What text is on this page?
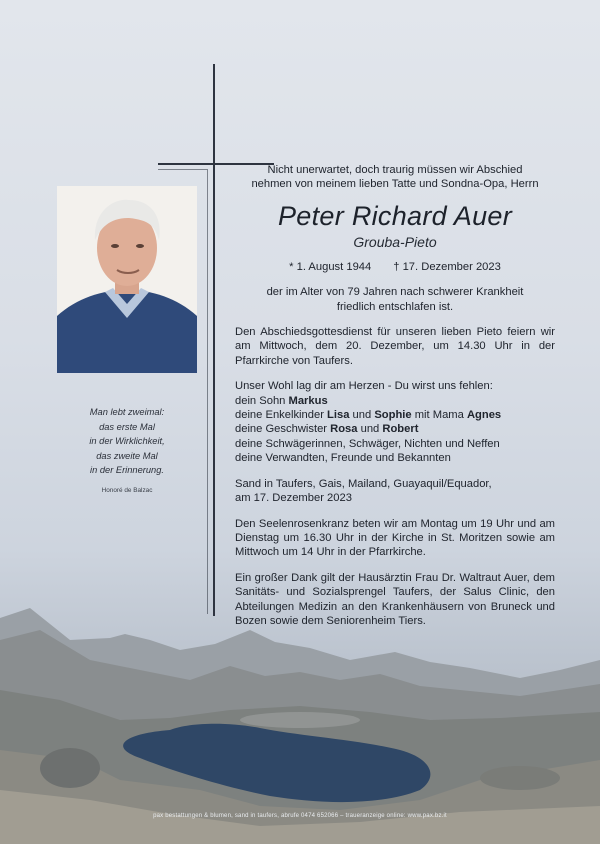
Man lebt zweimal:
das erste Mal
in der Wirklichkeit,
das zweite Mal
in der Erinnerung.
Honoré de Balzac
Nicht unerwartet, doch traurig müssen wir Abschied
nehmen von meinem lieben Tatte und Sondna-Opa, Herrn
Peter Richard Auer
Grouba-Pieto
* 1. August 1944 † 17. Dezember 2023
der im Alter von 79 Jahren nach schwerer Krankheit
friedlich entschlafen ist.
Den Abschiedsgottesdienst für unseren lieben Pieto feiern wir am Mittwoch, dem 20. Dezember, um 14.30 Uhr in der Pfarrkirche von Taufers.
Unser Wohl lag dir am Herzen - Du wirst uns fehlen:
dein Sohn Markus
deine Enkelkinder Lisa und Sophie mit Mama Agnes
deine Geschwister Rosa und Robert
deine Schwägerinnen, Schwäger, Nichten und Neffen
deine Verwandten, Freunde und Bekannten
Sand in Taufers, Gais, Mailand, Guayaquil/Equador,
am 17. Dezember 2023
Den Seelenrosenkranz beten wir am Montag um 19 Uhr und am Dienstag um 16.30 Uhr in der Kirche in St. Moritzen sowie am Mittwoch um 14 Uhr in der Pfarrkirche.
Ein großer Dank gilt der Hausärztin Frau Dr. Waltraut Auer, dem Sanitäts- und Sozialsprengel Taufers, der Salus Clinic, den Abteilungen Medizin an den Krankenhäusern von Bruneck und Bozen sowie dem Seniorenheim Tiers.
pax bestattungen & blumen, sand in taufers, abrufe 0474 652066 – traueranzeige online: www.pax.bz.it
